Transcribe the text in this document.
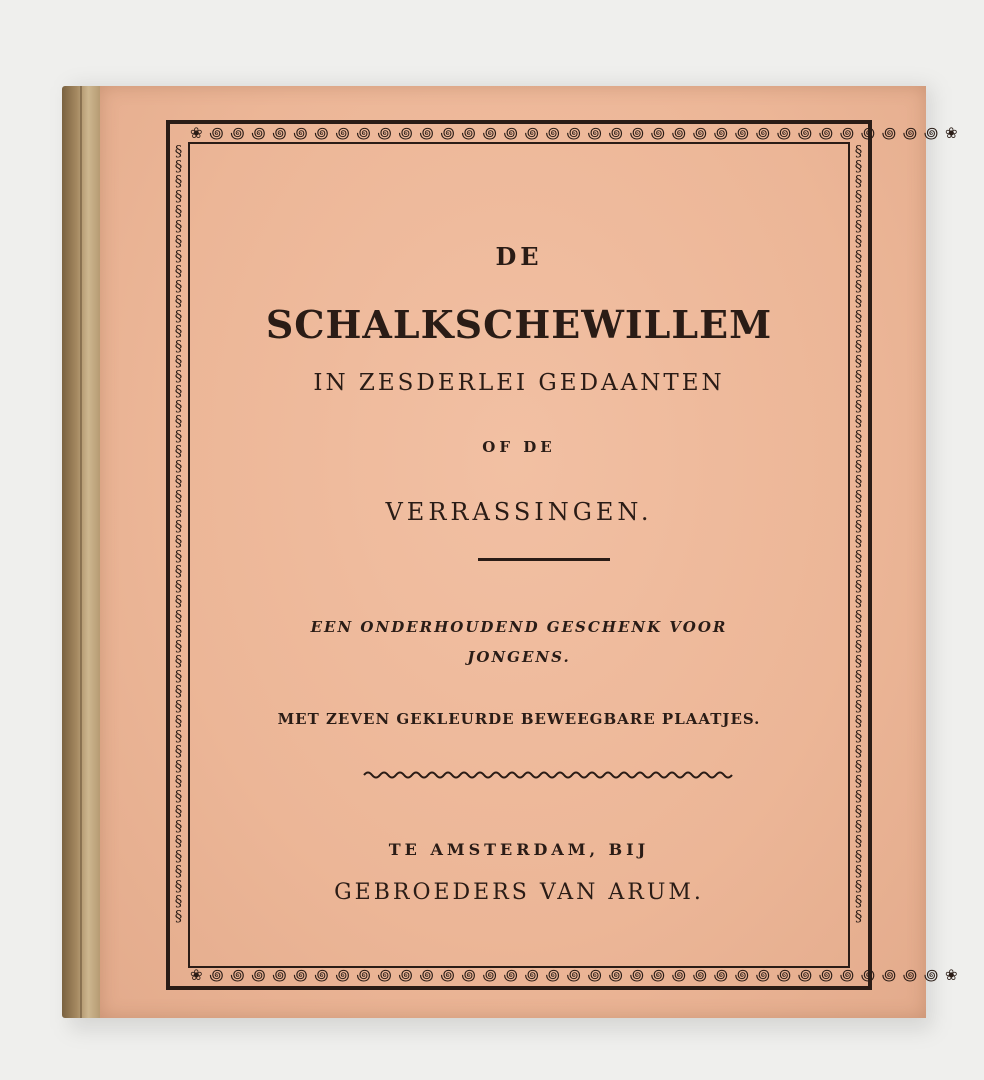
❀ ꩜ ꩜ ꩜ ꩜ ꩜ ꩜ ꩜ ꩜ ꩜ ꩜ ꩜ ꩜ ꩜ ꩜ ꩜ ꩜ ꩜ ꩜ ꩜ ꩜ ꩜ ꩜ ꩜ ꩜ ꩜ ꩜ ꩜ ꩜ ꩜ ꩜ ꩜ ꩜ ꩜ ꩜ ꩜ ❀
❀ ꩜ ꩜ ꩜ ꩜ ꩜ ꩜ ꩜ ꩜ ꩜ ꩜ ꩜ ꩜ ꩜ ꩜ ꩜ ꩜ ꩜ ꩜ ꩜ ꩜ ꩜ ꩜ ꩜ ꩜ ꩜ ꩜ ꩜ ꩜ ꩜ ꩜ ꩜ ꩜ ꩜ ꩜ ꩜ ❀
§§§§§§§§§§§§§§§§§§§§§§§§§§§§§§§§§§§§§§§§§§§§§§§§§§§§
§§§§§§§§§§§§§§§§§§§§§§§§§§§§§§§§§§§§§§§§§§§§§§§§§§§§
DE
SCHALKSCHEWILLEM
IN ZESDERLEI GEDAANTEN
OF DE
VERRASSINGEN.
EEN ONDERHOUDEND GESCHENK VOOR JONGENS.
MET ZEVEN GEKLEURDE BEWEEGBARE PLAATJES.
TE AMSTERDAM, BIJ
GEBROEDERS VAN ARUM.
